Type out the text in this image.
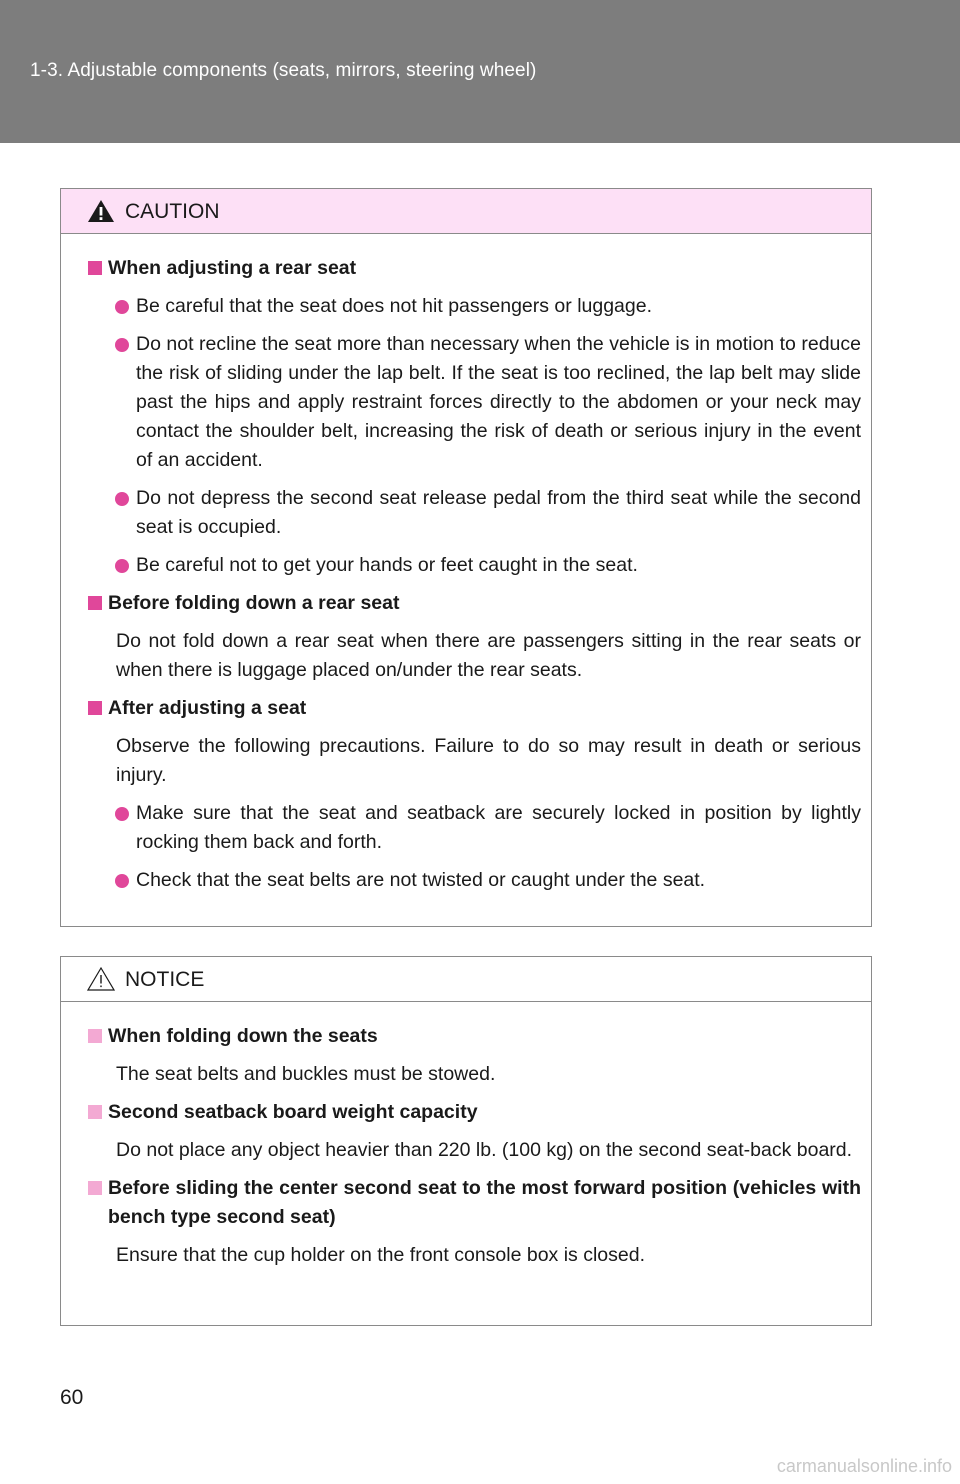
1-3. Adjustable components (seats, mirrors, steering wheel)
CAUTION
When adjusting a rear seat
Be careful that the seat does not hit passengers or luggage.
Do not recline the seat more than necessary when the vehicle is in motion to reduce the risk of sliding under the lap belt. If the seat is too reclined, the lap belt may slide past the hips and apply restraint forces directly to the abdomen or your neck may contact the shoulder belt, increasing the risk of death or serious injury in the event of an accident.
Do not depress the second seat release pedal from the third seat while the second seat is occupied.
Be careful not to get your hands or feet caught in the seat.
Before folding down a rear seat
Do not fold down a rear seat when there are passengers sitting in the rear seats or when there is luggage placed on/under the rear seats.
After adjusting a seat
Observe the following precautions. Failure to do so may result in death or serious injury.
Make sure that the seat and seatback are securely locked in position by lightly rocking them back and forth.
Check that the seat belts are not twisted or caught under the seat.
NOTICE
When folding down the seats
The seat belts and buckles must be stowed.
Second seatback board weight capacity
Do not place any object heavier than 220 lb. (100 kg) on the second seat-back board.
Before sliding the center second seat to the most forward position (vehicles with bench type second seat)
Ensure that the cup holder on the front console box is closed.
60
carmanualsonline.info
